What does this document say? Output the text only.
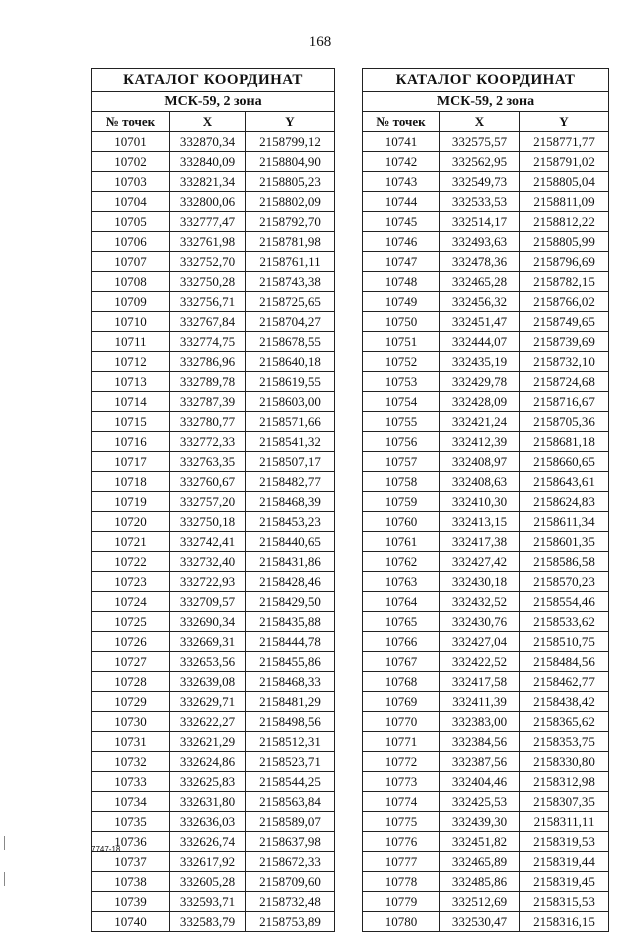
168
КАТАЛОГ КООРДИНАТ		
МСК-59, 2 зона		
№ точек	X	Y
10701	332870,34	2158799,12
10702	332840,09	2158804,90
10703	332821,34	2158805,23
10704	332800,06	2158802,09
10705	332777,47	2158792,70
10706	332761,98	2158781,98
10707	332752,70	2158761,11
10708	332750,28	2158743,38
10709	332756,71	2158725,65
10710	332767,84	2158704,27
10711	332774,75	2158678,55
10712	332786,96	2158640,18
10713	332789,78	2158619,55
10714	332787,39	2158603,00
10715	332780,77	2158571,66
10716	332772,33	2158541,32
10717	332763,35	2158507,17
10718	332760,67	2158482,77
10719	332757,20	2158468,39
10720	332750,18	2158453,23
10721	332742,41	2158440,65
10722	332732,40	2158431,86
10723	332722,93	2158428,46
10724	332709,57	2158429,50
10725	332690,34	2158435,88
10726	332669,31	2158444,78
10727	332653,56	2158455,86
10728	332639,08	2158468,33
10729	332629,71	2158481,29
10730	332622,27	2158498,56
10731	332621,29	2158512,31
10732	332624,86	2158523,71
10733	332625,83	2158544,25
10734	332631,80	2158563,84
10735	332636,03	2158589,07
10736	332626,74	2158637,98
10737	332617,92	2158672,33
10738	332605,28	2158709,60
10739	332593,71	2158732,48
10740	332583,79	2158753,89
КАТАЛОГ КООРДИНАТ		
МСК-59, 2 зона		
№ точек	X	Y
10741	332575,57	2158771,77
10742	332562,95	2158791,02
10743	332549,73	2158805,04
10744	332533,53	2158811,09
10745	332514,17	2158812,22
10746	332493,63	2158805,99
10747	332478,36	2158796,69
10748	332465,28	2158782,15
10749	332456,32	2158766,02
10750	332451,47	2158749,65
10751	332444,07	2158739,69
10752	332435,19	2158732,10
10753	332429,78	2158724,68
10754	332428,09	2158716,67
10755	332421,24	2158705,36
10756	332412,39	2158681,18
10757	332408,97	2158660,65
10758	332408,63	2158643,61
10759	332410,30	2158624,83
10760	332413,15	2158611,34
10761	332417,38	2158601,35
10762	332427,42	2158586,58
10763	332430,18	2158570,23
10764	332432,52	2158554,46
10765	332430,76	2158533,62
10766	332427,04	2158510,75
10767	332422,52	2158484,56
10768	332417,58	2158462,77
10769	332411,39	2158438,42
10770	332383,00	2158365,62
10771	332384,56	2158353,75
10772	332387,56	2158330,80
10773	332404,46	2158312,98
10774	332425,53	2158307,35
10775	332439,30	2158311,11
10776	332451,82	2158319,53
10777	332465,89	2158319,44
10778	332485,86	2158319,45
10779	332512,69	2158315,53
10780	332530,47	2158316,15
7747-18
